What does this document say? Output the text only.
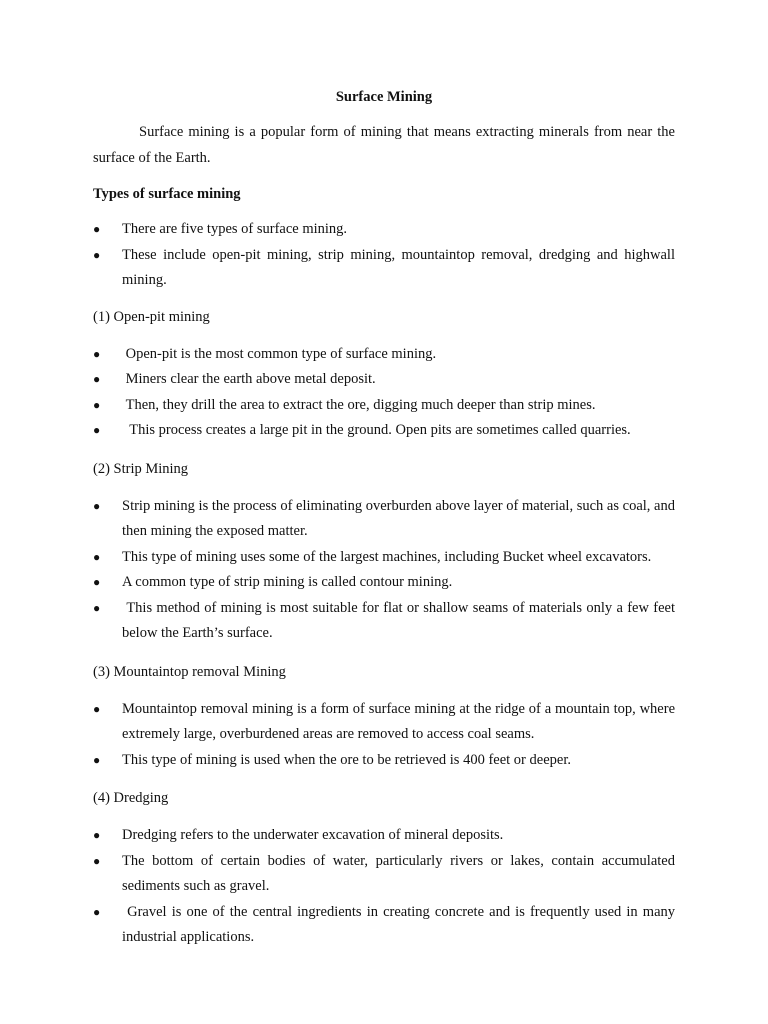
Surface Mining

Surface mining is a popular form of mining that means extracting minerals from near the surface of the Earth.

Types of surface mining
● There are five types of surface mining.
● These include open-pit mining, strip mining, mountaintop removal, dredging and highwall mining.
(1) Open-pit mining
● Open-pit is the most common type of surface mining.
● Miners clear the earth above metal deposit.
● Then, they drill the area to extract the ore, digging much deeper than strip mines.
● This process creates a large pit in the ground. Open pits are sometimes called quarries.
(2) Strip Mining
● Strip mining is the process of eliminating overburden above layer of material, such as coal, and then mining the exposed matter.
● This type of mining uses some of the largest machines, including Bucket wheel excavators.
● A common type of strip mining is called contour mining.
● This method of mining is most suitable for flat or shallow seams of materials only a few feet below the Earth’s surface.
(3) Mountaintop removal Mining
● Mountaintop removal mining is a form of surface mining at the ridge of a mountain top, where extremely large, overburdened areas are removed to access coal seams.
● This type of mining is used when the ore to be retrieved is 400 feet or deeper.
(4) Dredging
● Dredging refers to the underwater excavation of mineral deposits.
● The bottom of certain bodies of water, particularly rivers or lakes, contain accumulated sediments such as gravel.
● Gravel is one of the central ingredients in creating concrete and is frequently used in many industrial applications.
